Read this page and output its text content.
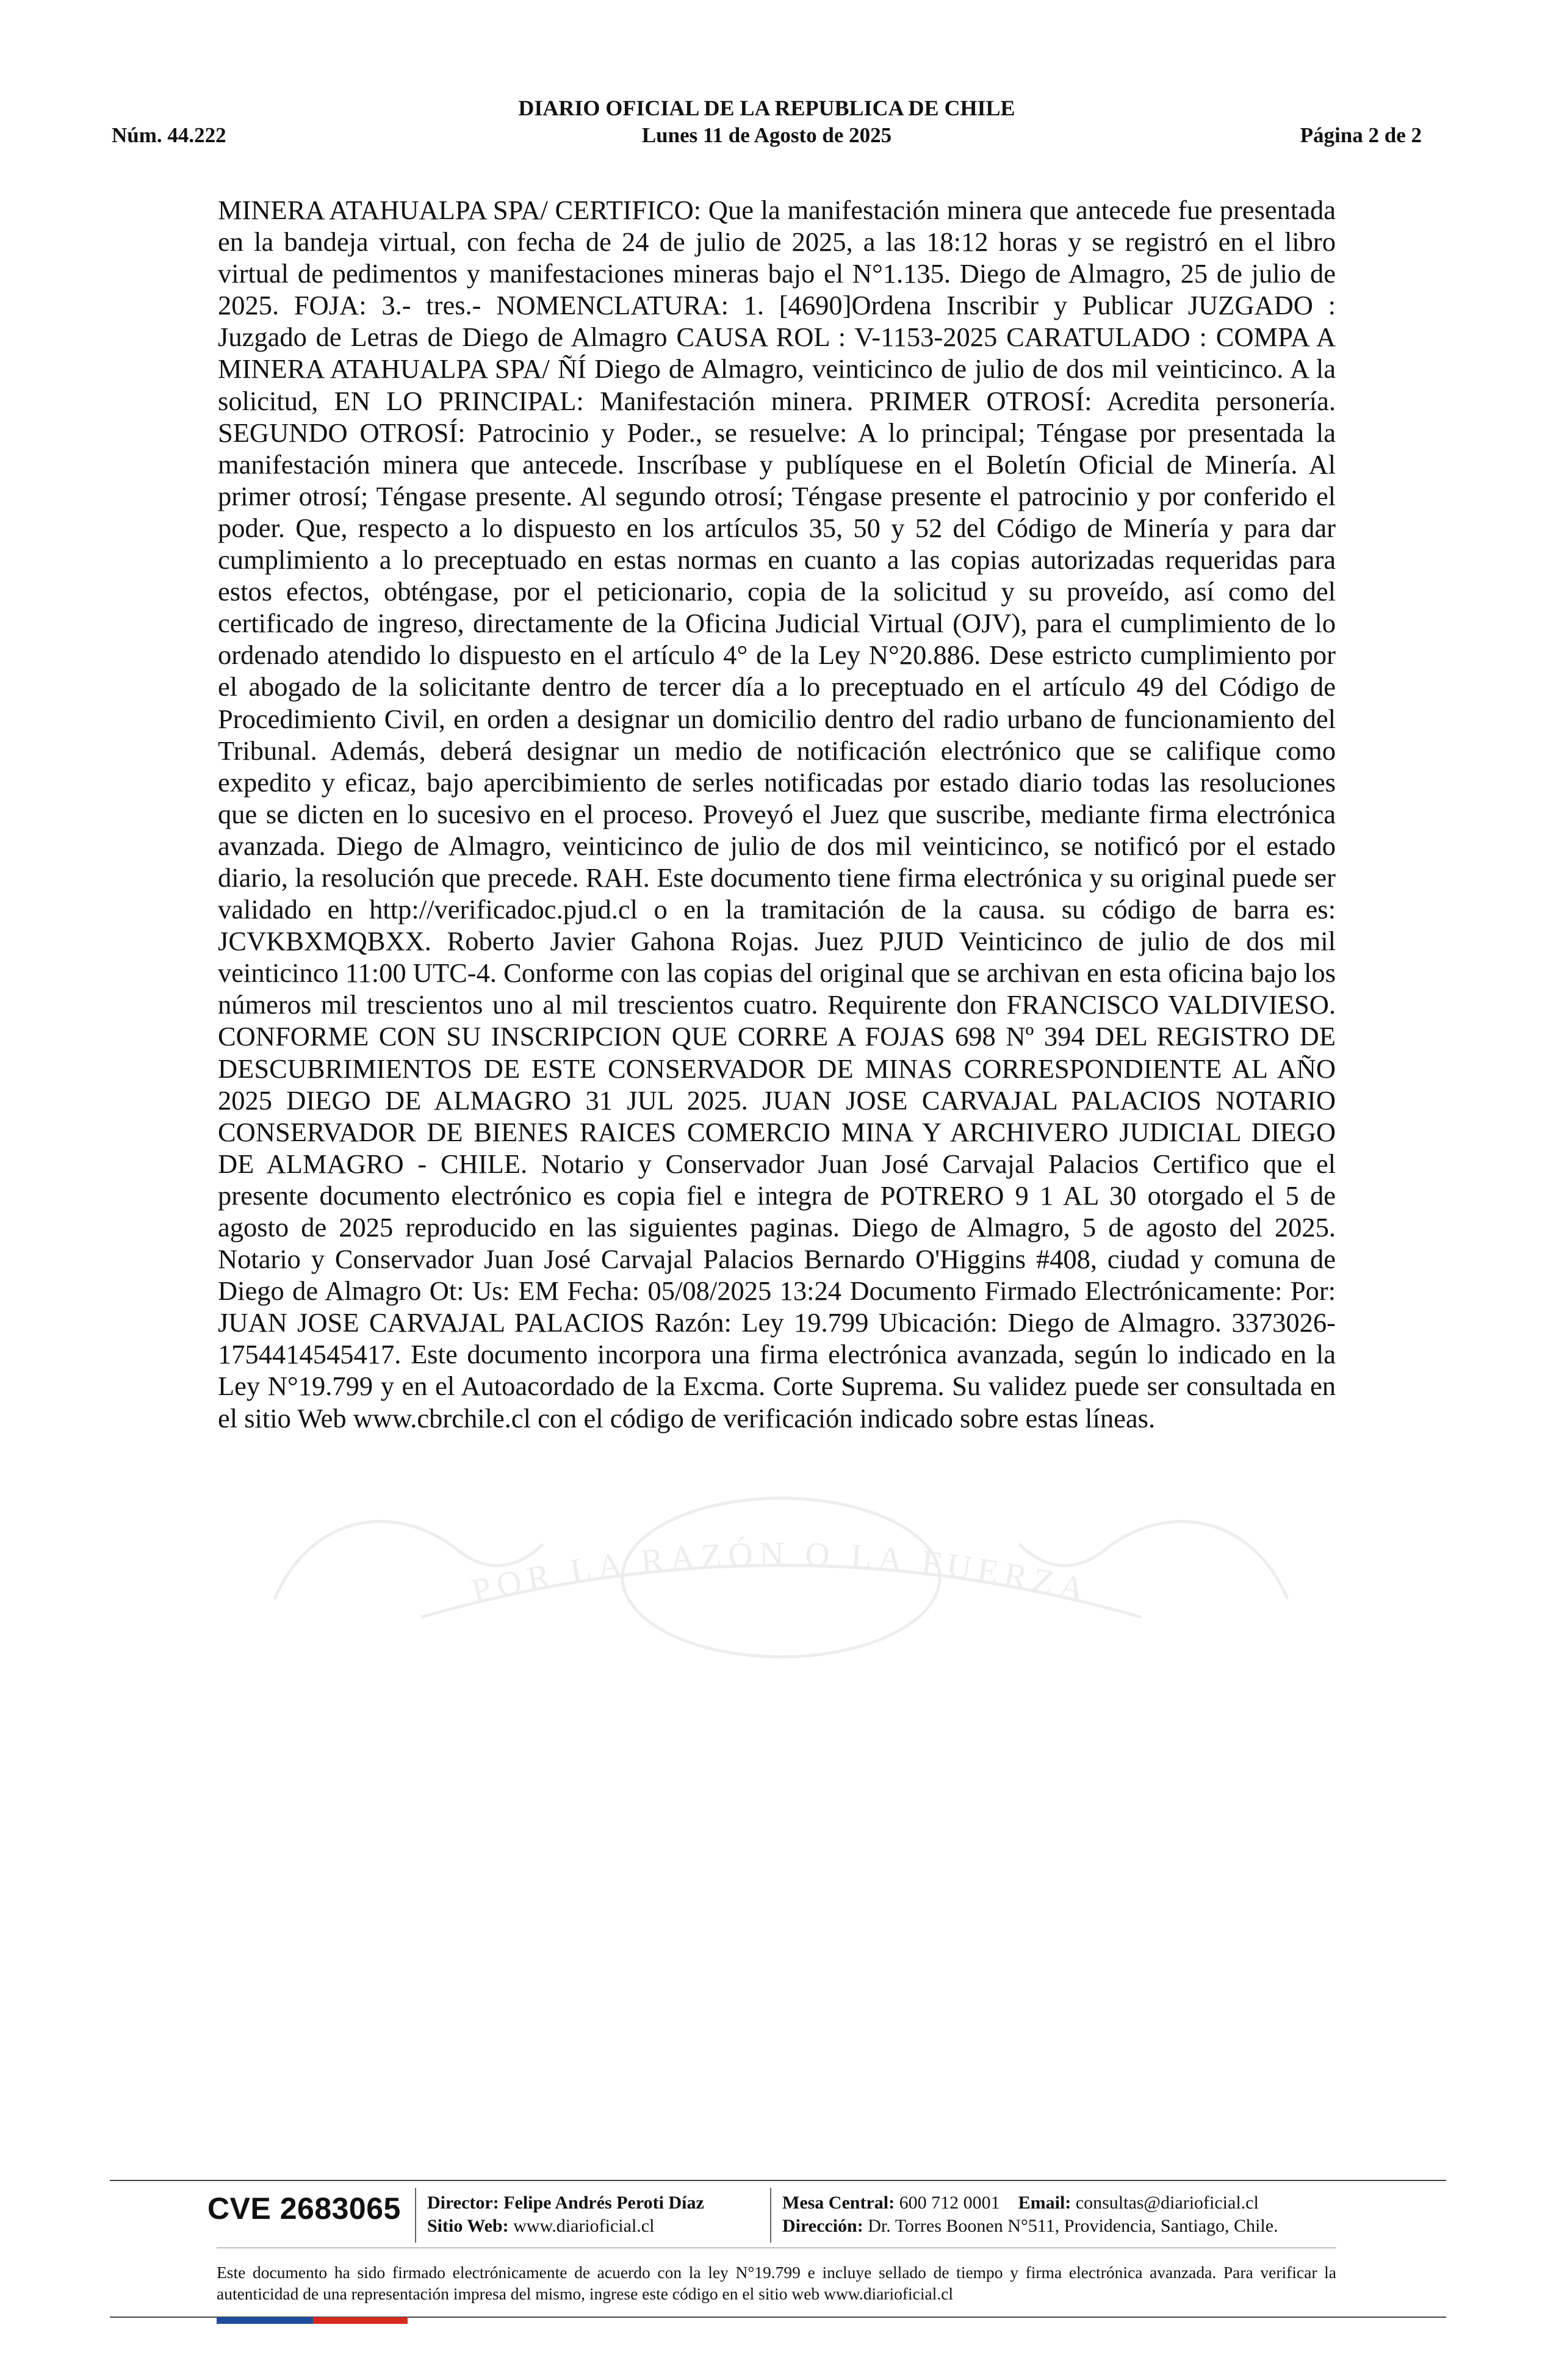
DIARIO OFICIAL DE LA REPUBLICA DE CHILE
Núm. 44.222	Lunes 11 de Agosto de 2025	Página 2 de 2
POR LA RAZÓN O LA FUERZA
MINERA ATAHUALPA SPA/ CERTIFICO: Que la manifestación minera que antecede fue presentada en la bandeja virtual, con fecha de 24 de julio de 2025, a las 18:12 horas y se registró en el libro virtual de pedimentos y manifestaciones mineras bajo el N°1.135. Diego de Almagro, 25 de julio de 2025. FOJA: 3.- tres.- NOMENCLATURA: 1. [4690]Ordena Inscribir y Publicar JUZGADO : Juzgado de Letras de Diego de Almagro CAUSA ROL : V-1153-2025 CARATULADO : COMPA A MINERA ATAHUALPA SPA/ ÑÍ Diego de Almagro, veinticinco de julio de dos mil veinticinco. A la solicitud, EN LO PRINCIPAL: Manifestación minera. PRIMER OTROSÍ: Acredita personería. SEGUNDO OTROSÍ: Patrocinio y Poder., se resuelve: A lo principal; Téngase por presentada la manifestación minera que antecede. Inscríbase y publíquese en el Boletín Oficial de Minería. Al primer otrosí; Téngase presente. Al segundo otrosí; Téngase presente el patrocinio y por conferido el poder. Que, respecto a lo dispuesto en los artículos 35, 50 y 52 del Código de Minería y para dar cumplimiento a lo preceptuado en estas normas en cuanto a las copias autorizadas requeridas para estos efectos, obténgase, por el peticionario, copia de la solicitud y su proveído, así como del certificado de ingreso, directamente de la Oficina Judicial Virtual (OJV), para el cumplimiento de lo ordenado atendido lo dispuesto en el artículo 4° de la Ley N°20.886. Dese estricto cumplimiento por el abogado de la solicitante dentro de tercer día a lo preceptuado en el artículo 49 del Código de Procedimiento Civil, en orden a designar un domicilio dentro del radio urbano de funcionamiento del Tribunal. Además, deberá designar un medio de notificación electrónico que se califique como expedito y eficaz, bajo apercibimiento de serles notificadas por estado diario todas las resoluciones que se dicten en lo sucesivo en el proceso. Proveyó el Juez que suscribe, mediante firma electrónica avanzada. Diego de Almagro, veinticinco de julio de dos mil veinticinco, se notificó por el estado diario, la resolución que precede. RAH. Este documento tiene firma electrónica y su original puede ser validado en http://verificadoc.pjud.cl o en la tramitación de la causa. su código de barra es: JCVKBXMQBXX. Roberto Javier Gahona Rojas. Juez PJUD Veinticinco de julio de dos mil veinticinco 11:00 UTC-4. Conforme con las copias del original que se archivan en esta oficina bajo los números mil trescientos uno al mil trescientos cuatro. Requirente don FRANCISCO VALDIVIESO. CONFORME CON SU INSCRIPCION QUE CORRE A FOJAS 698 Nº 394 DEL REGISTRO DE DESCUBRIMIENTOS DE ESTE CONSERVADOR DE MINAS CORRESPONDIENTE AL AÑO 2025 DIEGO DE ALMAGRO 31 JUL 2025. JUAN JOSE CARVAJAL PALACIOS NOTARIO CONSERVADOR DE BIENES RAICES COMERCIO MINA Y ARCHIVERO JUDICIAL DIEGO DE ALMAGRO - CHILE. Notario y Conservador Juan José Carvajal Palacios Certifico que el presente documento electrónico es copia fiel e integra de POTRERO 9 1 AL 30 otorgado el 5 de agosto de 2025 reproducido en las siguientes paginas. Diego de Almagro, 5 de agosto del 2025. Notario y Conservador Juan José Carvajal Palacios Bernardo O'Higgins #408, ciudad y comuna de Diego de Almagro Ot: Us: EM Fecha: 05/08/2025 13:24 Documento Firmado Electrónicamente: Por: JUAN JOSE CARVAJAL PALACIOS Razón: Ley 19.799 Ubicación: Diego de Almagro. 3373026-1754414545417. Este documento incorpora una firma electrónica avanzada, según lo indicado en la Ley N°19.799 y en el Autoacordado de la Excma. Corte Suprema. Su validez puede ser consultada en el sitio Web www.cbrchile.cl con el código de verificación indicado sobre estas líneas.
CVE 2683065 Director: Felipe Andrés Peroti Díaz
Sitio Web: www.diarioficial.cl
Mesa Central: 600 712 0001 Email: consultas@diarioficial.cl
Dirección: Dr. Torres Boonen N°511, Providencia, Santiago, Chile.
Este documento ha sido firmado electrónicamente de acuerdo con la ley N°19.799 e incluye sellado de tiempo y firma electrónica avanzada. Para verificar la autenticidad de una representación impresa del mismo, ingrese este código en el sitio web www.diarioficial.cl
